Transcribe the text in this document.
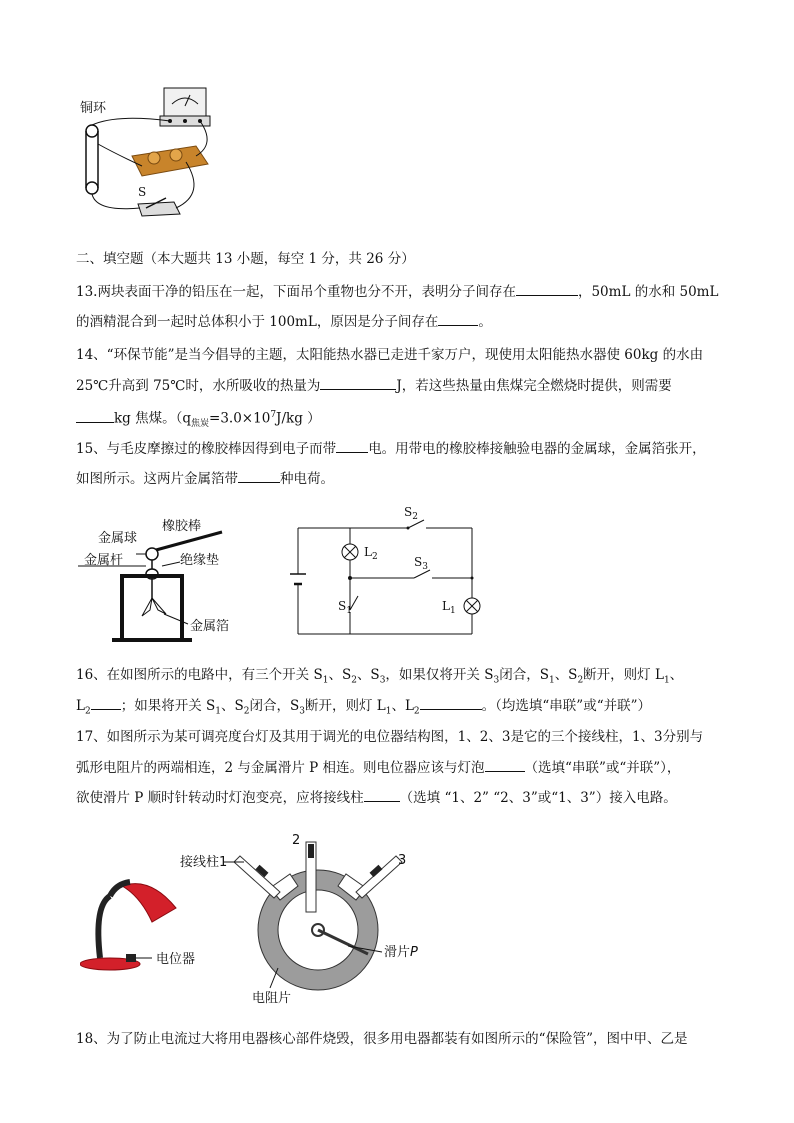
铜环
S
二、填空题（本大题共 13 小题，每空 1 分，共 26 分）
13.两块表面干净的铅压在一起，下面吊个重物也分不开，表明分子间存在	，50mL 的水和 50mL
的酒精混合到一起时总体积小于 100mL，原因是分子间存在	。
14、“环保节能”是当今倡导的主题，太阳能热水器已走进千家万户，现使用太阳能热水器使 60kg 的水由
25℃升高到 75℃时，水所吸收的热量为	J，若这些热量由焦煤完全燃烧时提供，则需要
kg 焦煤。（$q_{焦炭}=3.0\times 10^7J/kg$ ）
15、与毛皮摩擦过的橡胶棒因得到电子而带 电。用带电的橡胶棒接触验电器的金属球，金属箔张开，
如图所示。这两片金属箔带	种电荷。
金属球
橡胶棒
金属杆	绝缘垫
金属箔
$S_2$
$L_2$	$S_3$
$S_1$	$L_1$
16、在如图所示的电路中，有三个开关 $S_1$、$S_2$、$S_3$，如果仅将开关 $S_3$闭合，$S_1$、$S_2$断开，则灯 $L_1$、
$L_2$ ；如果将开关 $S_1$、$S_2$闭合，$S_3$断开，则灯 $L_1$、$L_2$	。（均选填“串联”或“并联”）
17、如图所示为某可调亮度台灯及其用于调光的电位器结构图，1、2、3是它的三个接线柱，1、3分别与
弧形电阻片的两端相连，2 与金属滑片 P 相连。则电位器应该与灯泡	（选填“串联”或“并联”），
欲使滑片 P 顺时针转动时灯泡变亮，应将接线柱	（选填 “1、2” “2、3”或“1、3”）接入电路。
电位器	滑片P
接线柱1
2
3
电阻片
18、为了防止电流过大将用电器核心部件烧毁，很多用电器都装有如图所示的“保险管”，图中甲、乙是
